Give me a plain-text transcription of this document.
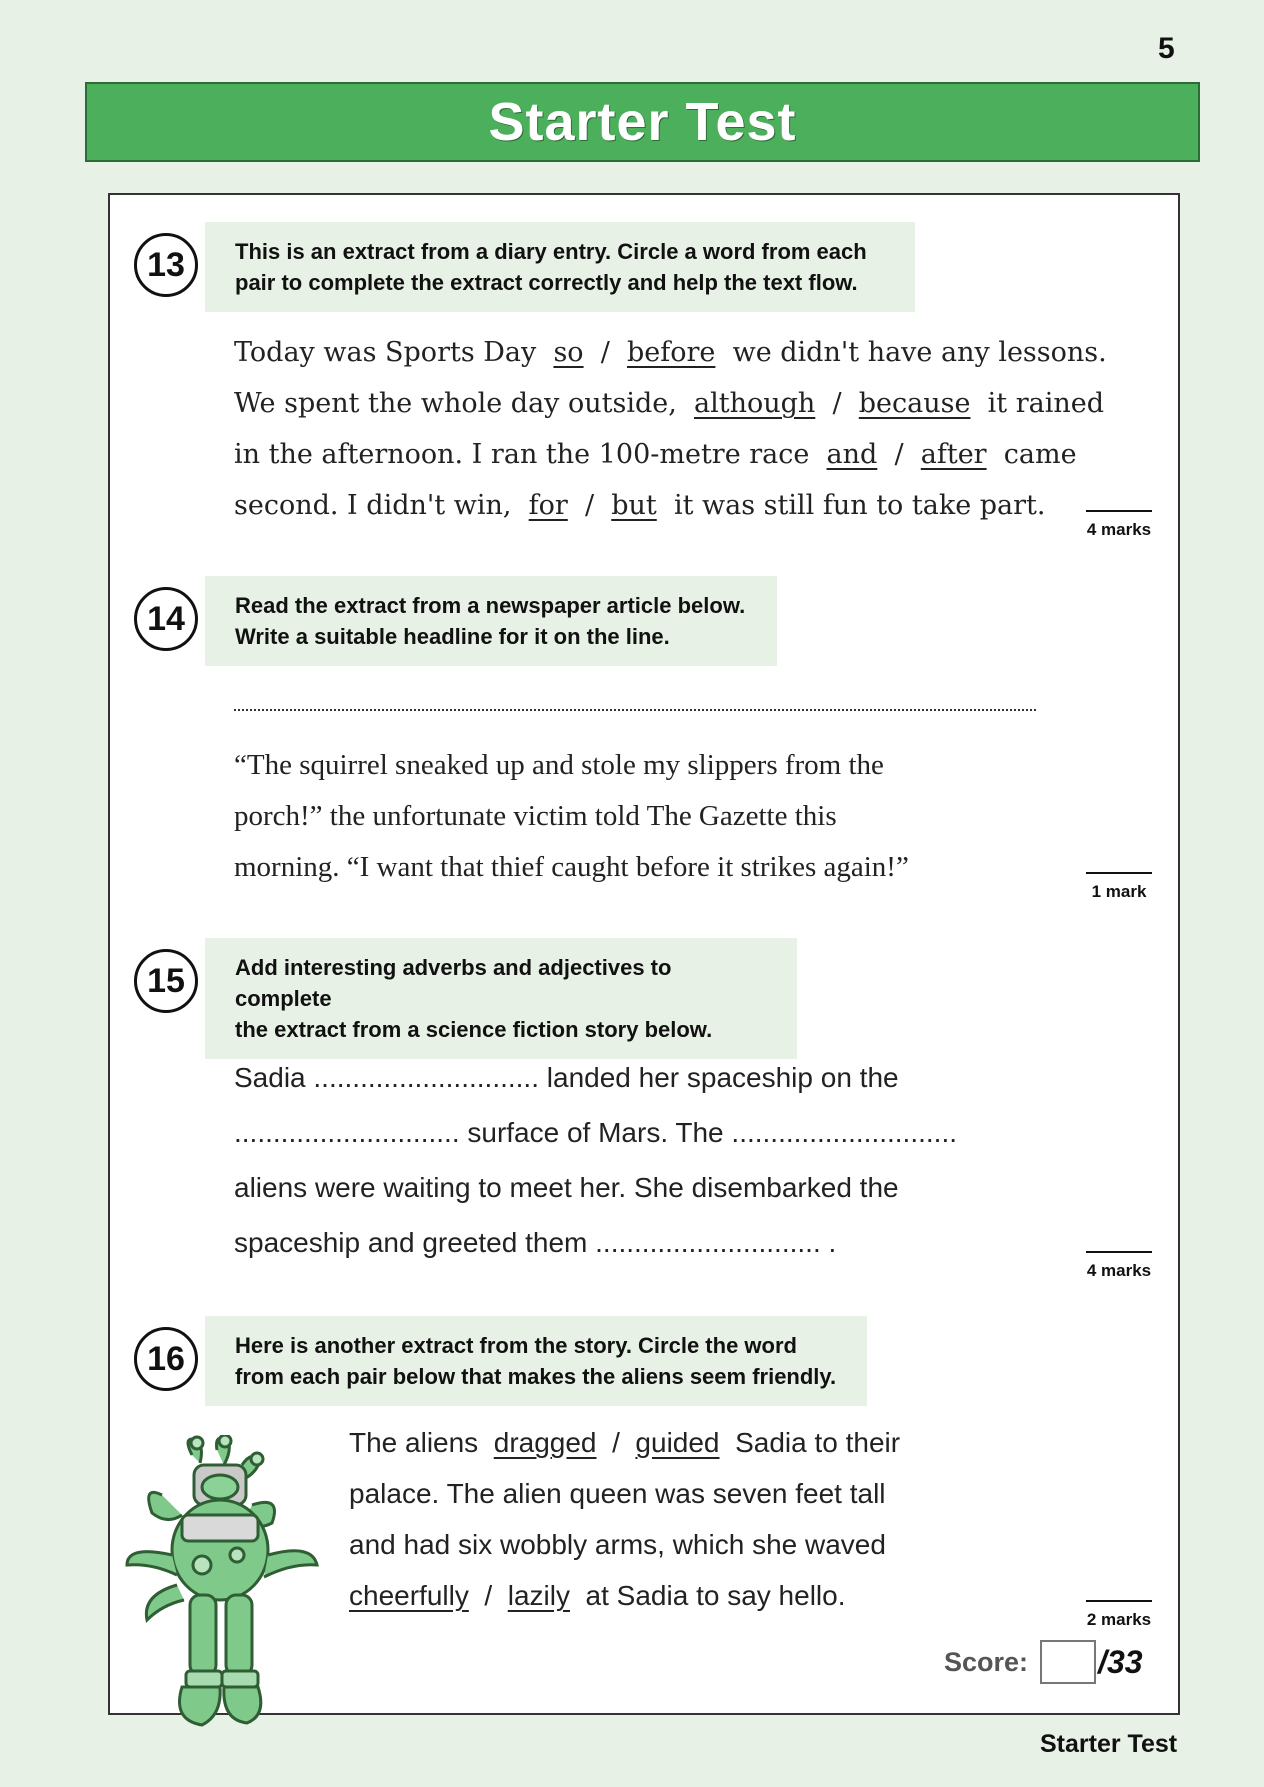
5
Starter Test
13	This is an extract from a diary entry. Circle a word from each
pair to complete the extract correctly and help the text flow.
Today was Sports Day so  /  before we didn't have any lessons.
We spent the whole day outside, although  /  because it rained
in the afternoon. I ran the 100-metre race and  /  after came
second. I didn't win, for  /  but it was still fun to take part.
4 marks
14	Read the extract from a newspaper article below.
Write a suitable headline for it on the line.
“The squirrel sneaked up and stole my slippers from the
porch!” the unfortunate victim told The Gazette this
morning. “I want that thief caught before it strikes again!”
1 mark
15	Add interesting adverbs and adjectives to complete
the extract from a science fiction story below.
Sadia ............................. landed her spaceship on the
............................. surface of Mars. The .............................
aliens were waiting to meet her. She disembarked the
spaceship and greeted them ............................. .
4 marks
16	Here is another extract from the story. Circle the word
from each pair below that makes the aliens seem friendly.
The aliens dragged  /  guided Sadia to their
palace. The alien queen was seven feet tall
and had six wobbly arms, which she waved
cheerfully  /  lazily at Sadia to say hello.
2 marks
Score: /33
Starter Test
